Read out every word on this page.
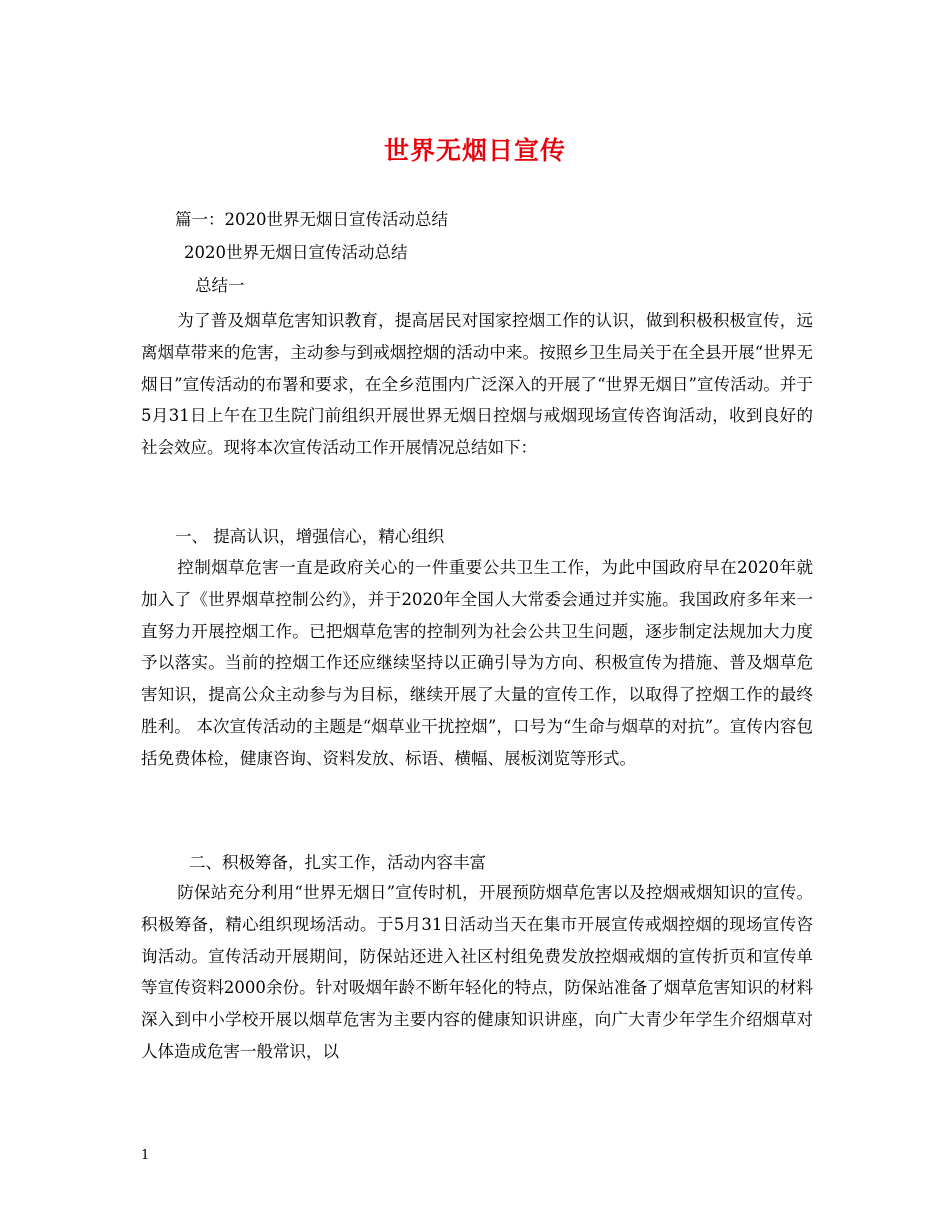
世界无烟日宣传
篇一：2020世界无烟日宣传活动总结
2020世界无烟日宣传活动总结
总结一
为了普及烟草危害知识教育，提高居民对国家控烟工作的认识，做到积极积极宣传，远离烟草带来的危害，主动参与到戒烟控烟的活动中来。按照乡卫生局关于在全县开展“世界无烟日”宣传活动的布署和要求，在全乡范围内广泛深入的开展了“世界无烟日”宣传活动。并于5月31日上午在卫生院门前组织开展世界无烟日控烟与戒烟现场宣传咨询活动，收到良好的社会效应。现将本次宣传活动工作开展情况总结如下：
一、 提高认识，增强信心，精心组织
控制烟草危害一直是政府关心的一件重要公共卫生工作，为此中国政府早在2020年就加入了《世界烟草控制公约》，并于2020年全国人大常委会通过并实施。我国政府多年来一直努力开展控烟工作。已把烟草危害的控制列为社会公共卫生问题，逐步制定法规加大力度予以落实。当前的控烟工作还应继续坚持以正确引导为方向、积极宣传为措施、普及烟草危害知识，提高公众主动参与为目标，继续开展了大量的宣传工作，以取得了控烟工作的最终胜利。 本次宣传活动的主题是“烟草业干扰控烟”，口号为“生命与烟草的对抗”。宣传内容包括免费体检，健康咨询、资料发放、标语、横幅、展板浏览等形式。
二、积极筹备，扎实工作，活动内容丰富
防保站充分利用“世界无烟日”宣传时机，开展预防烟草危害以及控烟戒烟知识的宣传。积极筹备，精心组织现场活动。于5月31日活动当天在集市开展宣传戒烟控烟的现场宣传咨询活动。宣传活动开展期间，防保站还进入社区村组免费发放控烟戒烟的宣传折页和宣传单等宣传资料2000余份。针对吸烟年龄不断年轻化的特点，防保站准备了烟草危害知识的材料深入到中小学校开展以烟草危害为主要内容的健康知识讲座，向广大青少年学生介绍烟草对人体造成危害一般常识，以
1
